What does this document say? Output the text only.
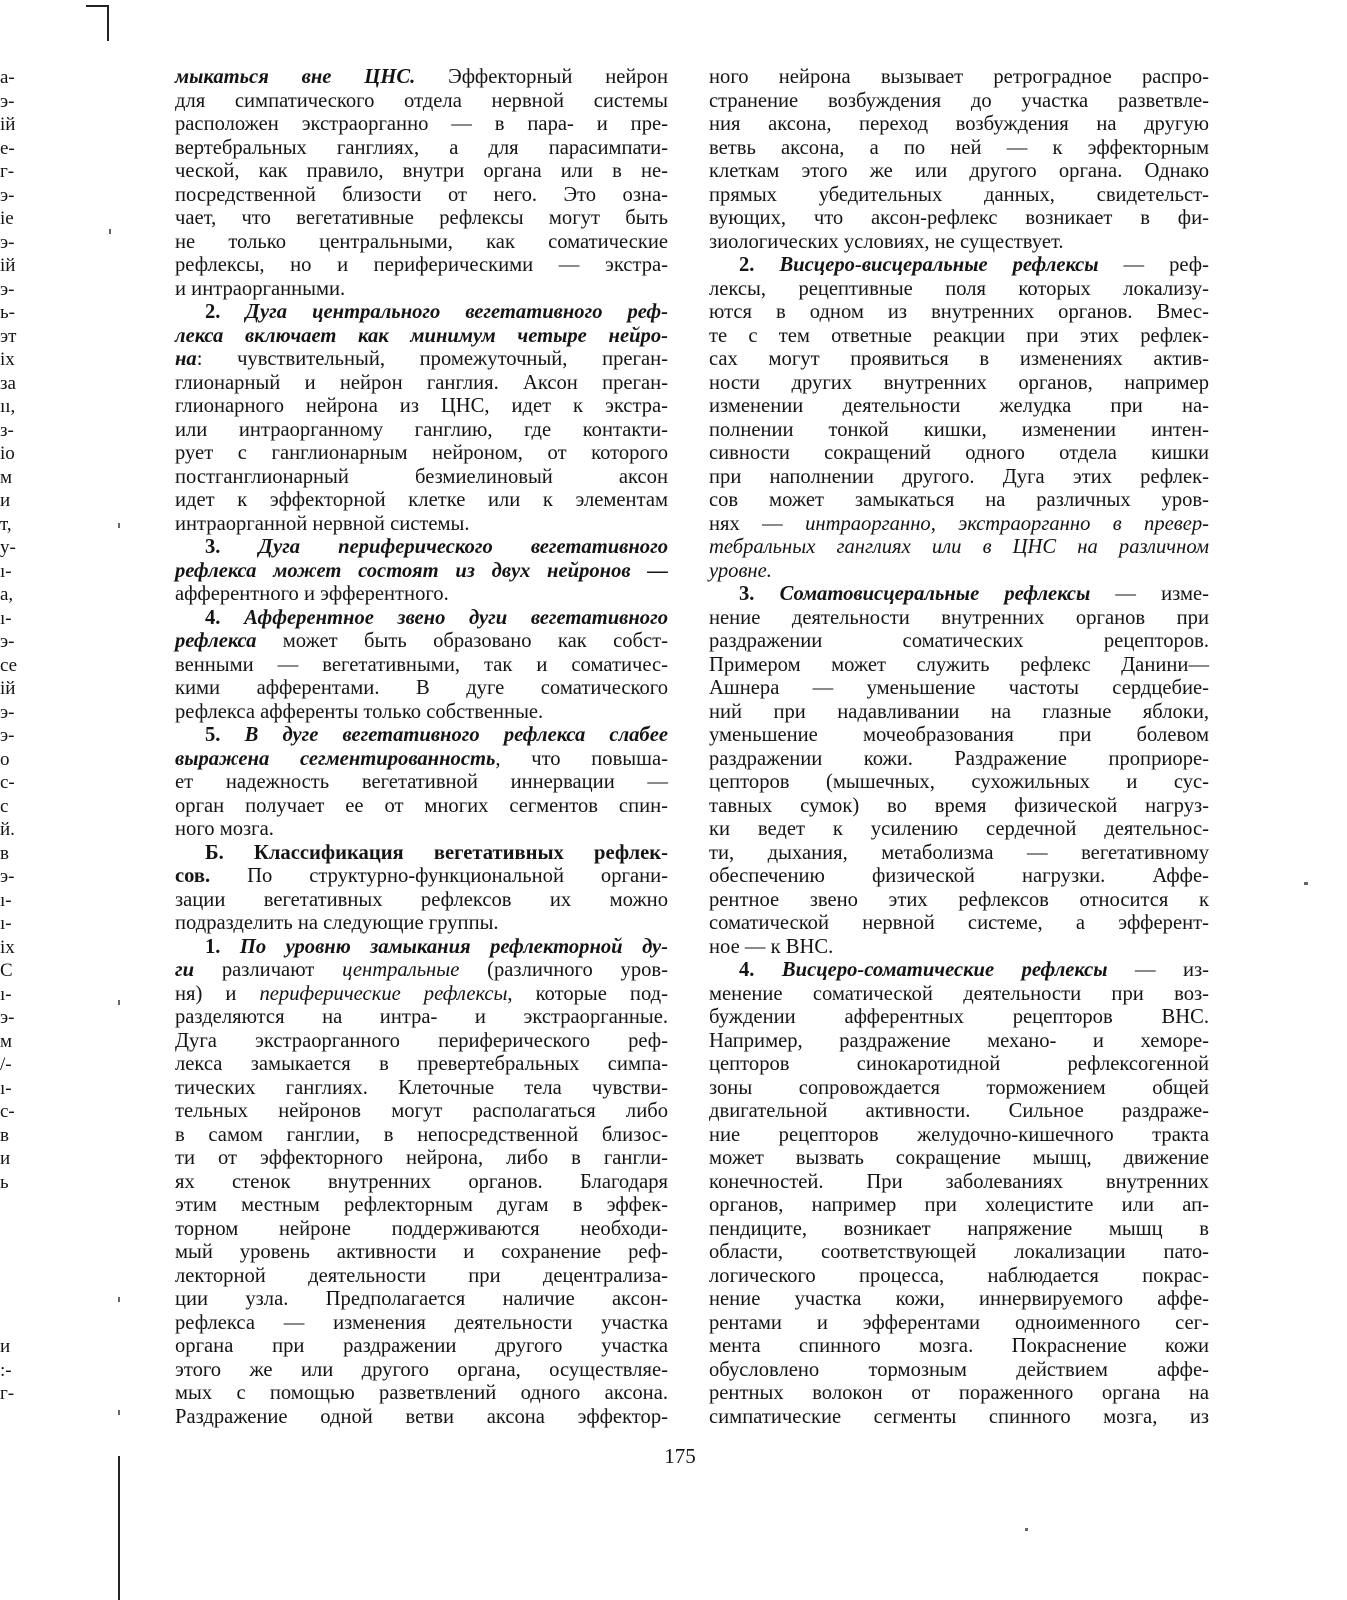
а-
э-
ій
е-
г-
э-
іе
э-
ій
э-
ь-
эт
іх
за
ıı,
з-
іо
м
и
т,
у-
ı-
а,
ı-
э-
се
ій
э-
э-
о
с-
с
й.
в
э-
ı-
ı-
іх
С
ı-
э-
м
/-
ı-
с-
в
и
ь
и
:-
г-
мыкаться вне ЦНС. Эффекторный нейрон
для симпатического отдела нервной системы
расположен экстраорганно — в пара- и пре-
вертебральных ганглиях, а для парасимпати-
ческой, как правило, внутри органа или в не-
посредственной близости от него. Это озна-
чает, что вегетативные рефлексы могут быть
не только центральными, как соматические
рефлексы, но и периферическими — экстра-
и интраорганными.
2. Дуга центрального вегетативного реф-
лекса включает как минимум четыре нейро-
на: чувствительный, промежуточный, преган-
глионарный и нейрон ганглия. Аксон преган-
глионарного нейрона из ЦНС, идет к экстра-
или интраорганному ганглию, где контакти-
рует с ганглионарным нейроном, от которого
постганглионарный безмиелиновый аксон
идет к эффекторной клетке или к элементам
интраорганной нервной системы.
3. Дуга периферического вегетативного
рефлекса может состоят из двух нейронов —
афферентного и эфферентного.
4. Афферентное звено дуги вегетативного
рефлекса может быть образовано как собст-
венными — вегетативными, так и соматичес-
кими афферентами. В дуге соматического
рефлекса афференты только собственные.
5. В дуге вегетативного рефлекса слабее
выражена сегментированность, что повыша-
ет надежность вегетативной иннервации —
орган получает ее от многих сегментов спин-
ного мозга.
Б. Классификация вегетативных рефлек-
сов. По структурно-функциональной органи-
зации вегетативных рефлексов их можно
подразделить на следующие группы.
1. По уровню замыкания рефлекторной ду-
ги различают центральные (различного уров-
ня) и периферические рефлексы, которые под-
разделяются на интра- и экстраорганные.
Дуга экстраорганного периферического реф-
лекса замыкается в превертебральных симпа-
тических ганглиях. Клеточные тела чувстви-
тельных нейронов могут располагаться либо
в самом ганглии, в непосредственной близос-
ти от эффекторного нейрона, либо в гангли-
ях стенок внутренних органов. Благодаря
этим местным рефлекторным дугам в эффек-
торном нейроне поддерживаются необходи-
мый уровень активности и сохранение реф-
лекторной деятельности при децентрализа-
ции узла. Предполагается наличие аксон-
рефлекса — изменения деятельности участка
органа при раздражении другого участка
этого же или другого органа, осуществляе-
мых с помощью разветвлений одного аксона.
Раздражение одной ветви аксона эффектор-
ного нейрона вызывает ретроградное распро-
странение возбуждения до участка разветвле-
ния аксона, переход возбуждения на другую
ветвь аксона, а по ней — к эффекторным
клеткам этого же или другого органа. Однако
прямых убедительных данных, свидетельст-
вующих, что аксон-рефлекс возникает в фи-
зиологических условиях, не существует.
2. Висцеро-висцеральные рефлексы — реф-
лексы, рецептивные поля которых локализу-
ются в одном из внутренних органов. Вмес-
те с тем ответные реакции при этих рефлек-
сах могут проявиться в изменениях актив-
ности других внутренних органов, например
изменении деятельности желудка при на-
полнении тонкой кишки, изменении интен-
сивности сокращений одного отдела кишки
при наполнении другого. Дуга этих рефлек-
сов может замыкаться на различных уров-
нях — интраорганно, экстраорганно в превер-
тебральных ганглиях или в ЦНС на различном
уровне.
3. Соматовисцеральные рефлексы — изме-
нение деятельности внутренних органов при
раздражении соматических рецепторов.
Примером может служить рефлекс Данини—
Ашнера — уменьшение частоты сердцебие-
ний при надавливании на глазные яблоки,
уменьшение мочеобразования при болевом
раздражении кожи. Раздражение проприоре-
цепторов (мышечных, сухожильных и сус-
тавных сумок) во время физической нагруз-
ки ведет к усилению сердечной деятельнос-
ти, дыхания, метаболизма — вегетативному
обеспечению физической нагрузки. Аффе-
рентное звено этих рефлексов относится к
соматической нервной системе, а эфферент-
ное — к ВНС.
4. Висцеро-соматические рефлексы — из-
менение соматической деятельности при воз-
буждении афферентных рецепторов ВНС.
Например, раздражение механо- и хеморе-
цепторов синокаротидной рефлексогенной
зоны сопровождается торможением общей
двигательной активности. Сильное раздраже-
ние рецепторов желудочно-кишечного тракта
может вызвать сокращение мышц, движение
конечностей. При заболеваниях внутренних
органов, например при холецистите или ап-
пендиците, возникает напряжение мышц в
области, соответствующей локализации пато-
логического процесса, наблюдается покрас-
нение участка кожи, иннервируемого аффе-
рентами и эфферентами одноименного сег-
мента спинного мозга. Покраснение кожи
обусловлено тормозным действием аффе-
рентных волокон от пораженного органа на
симпатические сегменты спинного мозга, из
175
